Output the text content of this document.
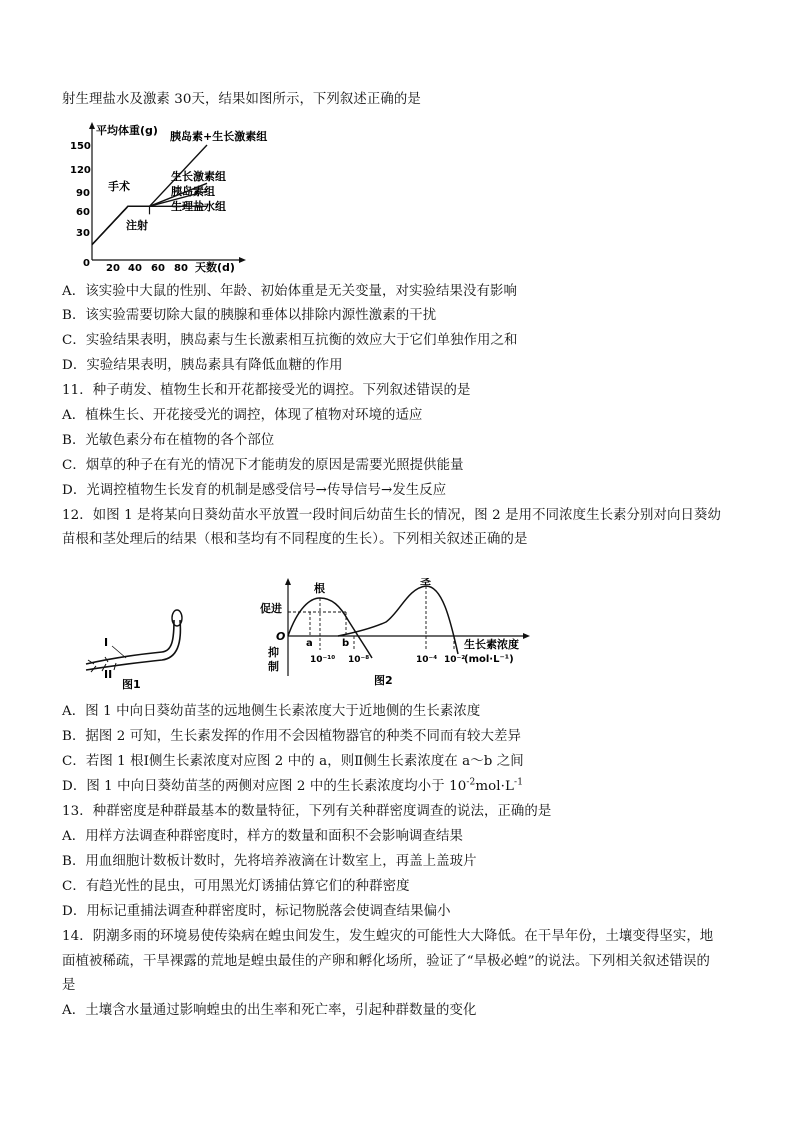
射生理盐水及激素 30天，结果如图所示，下列叙述正确的是
平均体重(g)
天数(d)
150
120
90
60
30
0 20 40 60 80
手术
注射
胰岛素+生长激素组
生长激素组
胰岛素组
生理盐水组
A．该实验中大鼠的性别、年龄、初始体重是无关变量，对实验结果没有影响
B．该实验需要切除大鼠的胰腺和垂体以排除内源性激素的干扰
C．实验结果表明，胰岛素与生长激素相互抗衡的效应大于它们单独作用之和
D．实验结果表明，胰岛素具有降低血糖的作用
11．种子萌发、植物生长和开花都接受光的调控。下列叙述错误的是
A．植株生长、开花接受光的调控，体现了植物对环境的适应
B．光敏色素分布在植物的各个部位
C．烟草的种子在有光的情况下才能萌发的原因是需要光照提供能量
D．光调控植物生长发育的机制是感受信号→传导信号→发生反应
12．如图 1 是将某向日葵幼苗水平放置一段时间后幼苗生长的情况，图 2 是用不同浓度生长素分别对向日葵幼
苗根和茎处理后的结果（根和茎均有不同程度的生长）。下列相关叙述正确的是
I
II
图1
促进
抑
制
O
根
茎
a	b
10⁻¹⁰ 10⁻⁸	10⁻⁴ 10⁻²
生长素浓度
(mol·L⁻¹)
图2
A．图 1 中向日葵幼苗茎的远地侧生长素浓度大于近地侧的生长素浓度
B．据图 2 可知，生长素发挥的作用不会因植物器官的种类不同而有较大差异
C．若图 1 根Ⅰ侧生长素浓度对应图 2 中的 a，则Ⅱ侧生长素浓度在 a～b 之间
D．图 1 中向日葵幼苗茎的两侧对应图 2 中的生长素浓度均小于 $10^{-2}mol\cdot L^{-1}$
13．种群密度是种群最基本的数量特征，下列有关种群密度调查的说法，正确的是
A．用样方法调查种群密度时，样方的数量和面积不会影响调查结果
B．用血细胞计数板计数时，先将培养液滴在计数室上，再盖上盖玻片
C．有趋光性的昆虫，可用黑光灯诱捕估算它们的种群密度
D．用标记重捕法调查种群密度时，标记物脱落会使调查结果偏小
14．阴潮多雨的环境易使传染病在蝗虫间发生，发生蝗灾的可能性大大降低。在干旱年份，土壤变得坚实，地
面植被稀疏，干旱裸露的荒地是蝗虫最佳的产卵和孵化场所，验证了“旱极必蝗”的说法。下列相关叙述错误的
是
A．土壤含水量通过影响蝗虫的出生率和死亡率，引起种群数量的变化
